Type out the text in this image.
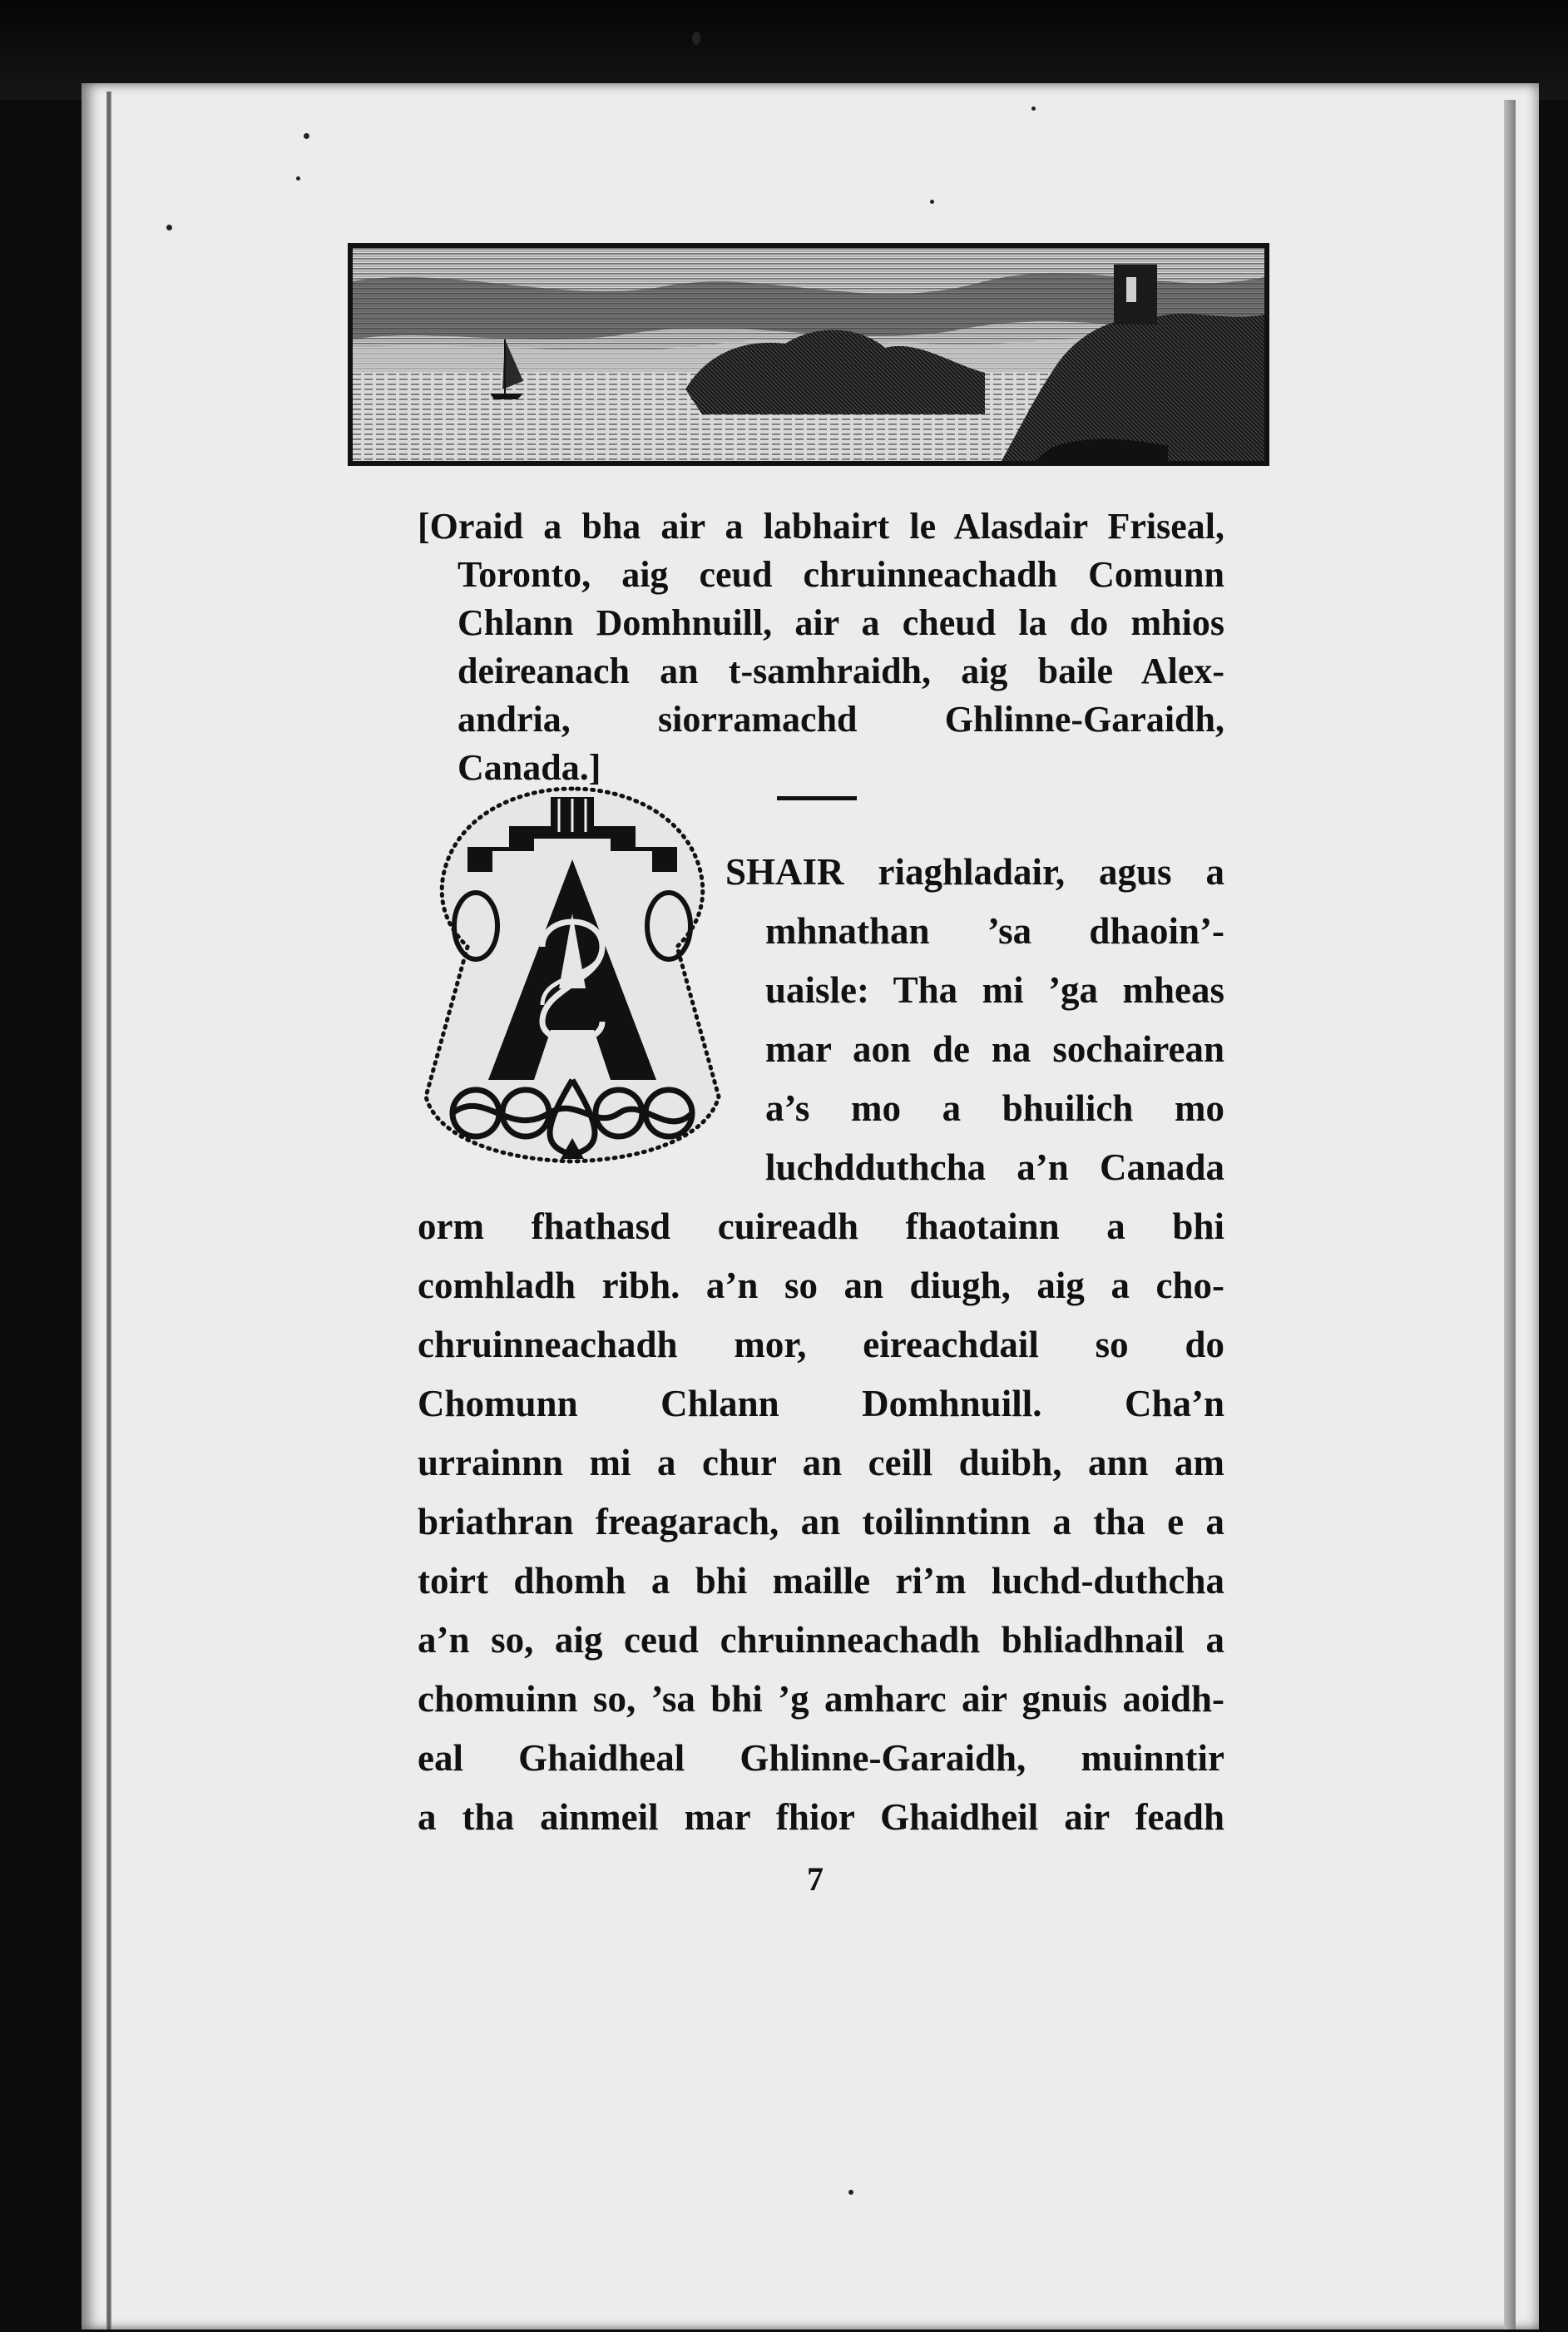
[Oraid a bha air a labhairt le Alasdair Friseal,
Toronto, aig ceud chruinneachadh Comunn
Chlann Domhnuill, air a cheud la do mhios
deireanach an t-samhraidh, aig baile Alex-
andria, siorramachd Ghlinne-Garaidh,
Canada.]
SHAIR riaghladair, agus a
mhnathan ’sa dhaoin’-
uaisle: Tha mi ’ga mheas
mar aon de na sochairean
a’s mo a bhuilich mo
luchdduthcha a’n Canada
orm fhathasd cuireadh fhaotainn a bhi
comhladh ribh. a’n so an diugh, aig a cho-
chruinneachadh mor, eireachdail so do
Chomunn Chlann Domhnuill. Cha’n
urrainnn mi a chur an ceill duibh, ann am
briathran freagarach, an toilinntinn a tha e a
toirt dhomh a bhi maille ri’m luchd-duthcha
a’n so, aig ceud chruinneachadh bhliadhnail a
chomuinn so, ’sa bhi ’g amharc air gnuis aoidh-
eal Ghaidheal Ghlinne-Garaidh, muinntir
a tha ainmeil mar fhior Ghaidheil air feadh
7
